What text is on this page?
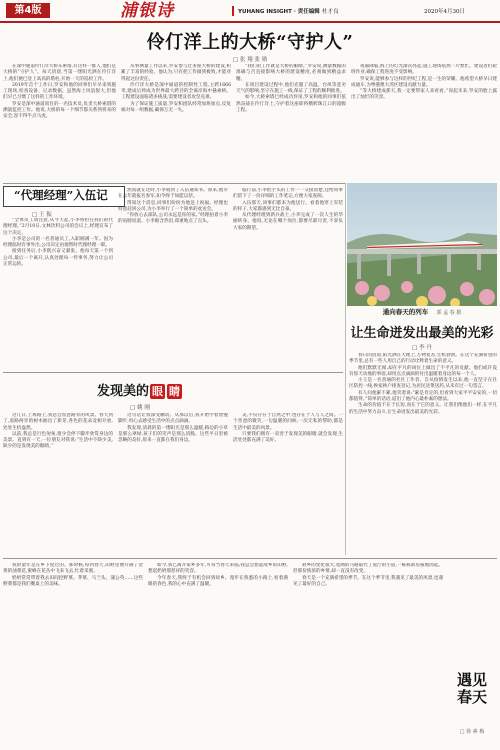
第4版	浦银诗	YUHANG INSIGHT · 责任编辑 杜才良	2020年4月30日
伶仃洋上的大桥“守护人”
□ 张 翔 张 勋

在深中通道伶仃洋大桥东索塔,有这样一群人,他们是大桥的“守护人”。每天清晨,当第一缕阳光洒在伶仃洋上,他们便已登上高高的塔柱,开始一天的巡检工作。

2019年首个工作日,罗安和他的同事们早早来到施工现场,检查设备、记录数据。虽然海上风浪很大,但他们早已习惯了这样的工作环境。

罗安是深中通道项目的一名技术员,负责大桥索塔的测量监控工作。他说,大桥的每一个细节都关系到将来的安全,容不得半点马虎。

从事测量工作以来,罗安参与过多座大桥的建设,积累了丰富的经验。他认为,只有把工作做到极致,才能对得起这份责任。

伶仃洋大桥是深中通道的控制性工程,主跨1666米,建成后将成为世界最大跨径的全离岸海中悬索桥。工程建设面临诸多挑战,需要建设者攻坚克难。

为了保证施工质量,罗安和团队经常加班加点,反复核对每一组数据,确保万无一失。

“我们的工作就是大桥的眼睛。”罗安说,测量数据的准确与否直接影响大桥的建设精度,必须做到精益求精。

在项目建设过程中,他们克服了高温、台风等恶劣天气的影响,坚守在施工一线,保证了工程的顺利推进。

如今,大桥索塔已经成功封顶,罗安和他的同事们依然奋战在伶仃洋上,守护着这座即将横跨珠江口的超级工程。

夜幕降临,海上的灯光渐次亮起,施工现场依然一片繁忙。建设者们轮班作业,确保工程进度不受影响。

罗安说,能够参与这样的世纪工程,是一生的荣耀。他希望大桥早日建成通车,为粤港澳大湾区建设贡献力量。

“等大桥建成那天,我一定要带家人来看看。”说起未来,罗安的脸上露出了灿烂的笑容。

通向春天的列车 郭 孟 春 摄
“代理经理”入伍记
□ 王 振

“全体员工请注意,从今天起,小李将担任我们的代理经理。”2月10日,文林饮料公司的会议上,经理宣布了这个决定。

小李是公司的一名普通员工,入职刚满一年。因为经理临时有事外出,公司决定由他暂时代理经理一职。

接到任务后,小李既兴奋又紧张。他每天第一个到公司,最后一个离开,认真处理每一件事务,努力让公司正常运转。

然而就在这时,小李收到了入伍通知书。原来,他早在去年就报名参军,如今终于如愿以偿。

得知这个消息,同事们纷纷为他送上祝福。经理也特意赶回公司,为小李举行了一个简单的欢送会。

“你放心去部队,公司永远是你的家。”经理拍着小李的肩膀说道。小李眼含热泪,郑重地点了点头。

临行前,小李把手头的工作一一交接清楚,还给同事们留下了一份详细的工作笔记,方便大家查阅。

入伍那天,同事们都来为他送行。看着他穿上军装的样子,大家都感到无比自豪。

从代理经理到新兵战士,小李完成了一次人生的华丽转身。他说,无论在哪个岗位,都要尽职尽责,不辜负大家的期望。

让生命迸发出最美的光彩
□ 李 丹

春日的清晨,阳光洒在大地上,万物复苏,生机勃勃。在这个充满希望的季节里,总有一些人用自己的行动诠释着生命的意义。

他们默默无闻,却在平凡的岗位上做出了不平凡的贡献。他们或许没有惊天动地的事迹,却用点点滴滴的付出温暖着身边的每一个人。

小王是一名普通的社区工作者。自从疫情发生以来,他一直坚守在社区防控一线,挨家挨户排查登记,为居民送菜送药,从未有过一句怨言。

有人问他累不累,他笑着说:“累是肯定的,但看到大家平平安安的,一切都值得。”简单的话语,道出了他内心最朴素的想法。

生命的价值不在于长短,而在于它的意义。让我们像他们一样,在平凡的生活中努力奋斗,让生命迸发出最美的光彩。

发现美的 眼 睛
□ 姚 刚

这几日,上班路上,我总会留意路旁的风景。春天到了,道路两旁的树木抽出了新芽,各色的花朵竞相开放,处处生机盎然。

以前,我总是行色匆匆,很少会停下脚步欣赏身边的美景。直到有一天,一位朋友对我说:“生活中不缺少美,缺少的是发现美的眼睛。”

这句话让我深受触动。从那以后,我开始学着放慢脚步,用心去感受生活中的点点滴滴。

我发现,清晨的第一缕阳光是那么温暖,路边的小草是那么翠绿,孩子们的笑声是那么清脆。这些平日里被忽略的美好,原来一直都在我们身边。

美,不仅存在于自然之中,也存在于人与人之间。一个善意的微笑,一句温暖的问候,一次无私的帮助,都是生活中最美的风景。

只要我们拥有一双善于发现美的眼睛,就会发现,生活处处都充满了美好。

我的童年是在乡下度过的。那时候,每到春天,田野里便开满了金黄的油菜花,蜜蜂在花丛中飞来飞去,忙着采蜜。

奶奶常常带着我去田间挖野菜。荠菜、马兰头、蒲公英……这些野菜都是我们餐桌上的美味。

如今,我已离开家乡多年,可每当春天来临,我总会想起故乡的田野,想起奶奶那慈祥的笑容。

今年春天,我终于有机会回到故乡。漫步在熟悉的小路上,看着满眼的春色,我的心中充满了温暖。

故乡的变化很大,宽阔的马路取代了泥泞的小道,一栋栋新房拔地而起。但那份浓浓的乡情,却一直没有改变。

春天是一个充满希望的季节。在这个季节里,我遇见了最美的风景,也遇见了最好的自己。

遇见春天
□ 徐 素 梅
